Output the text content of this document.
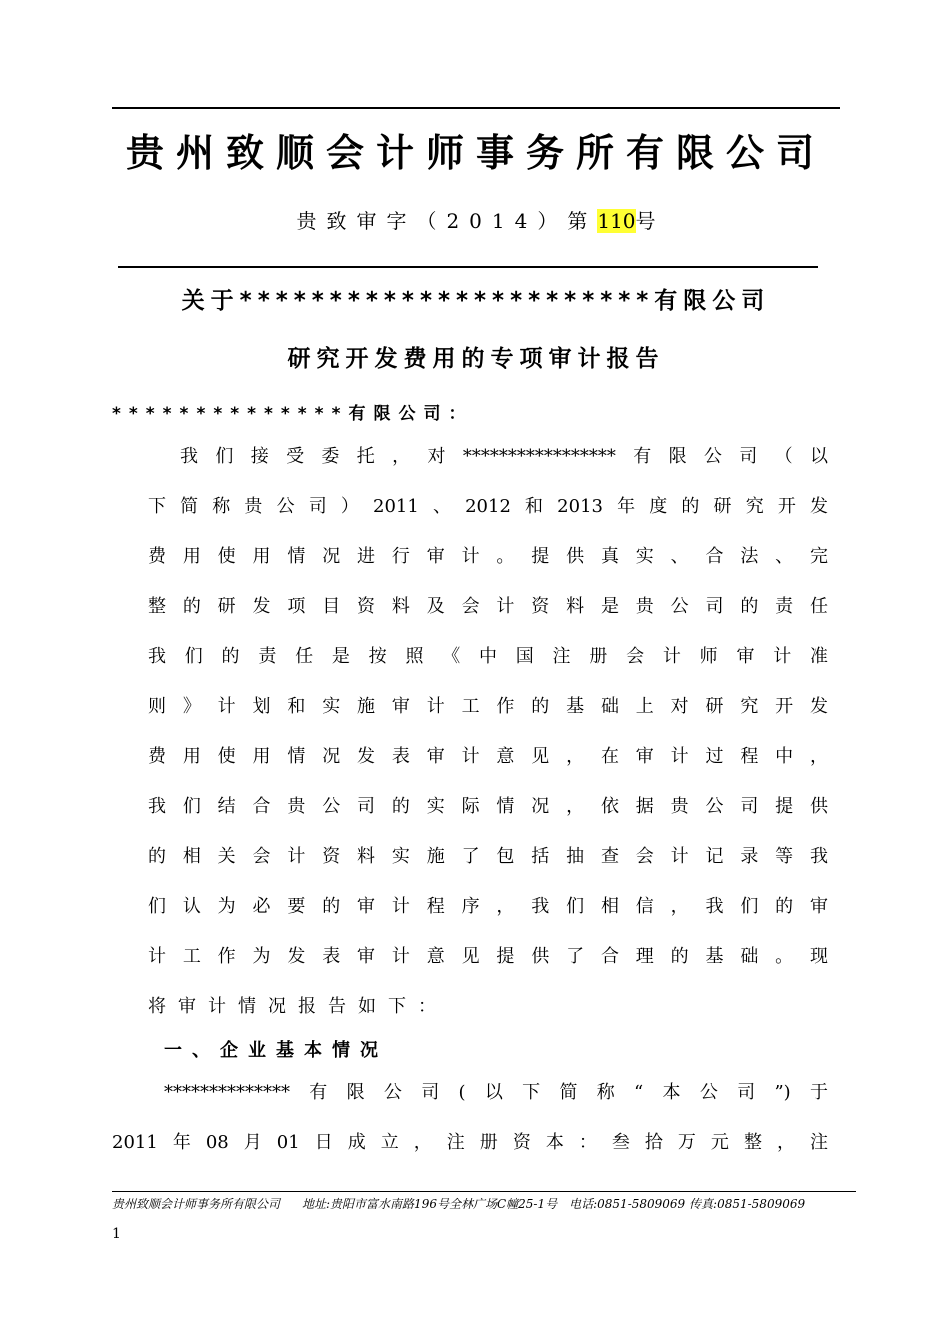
贵州致顺会计师事务所有限公司
贵致审字（2014）第110号
关于***********************有限公司
研究开发费用的专项审计报告
**************有限公司：
我们接受委托，对*****************有限公司（以
下简称贵公司）2011、2012和2013年度的研究开发
费用使用情况进行审计。提供真实、合法、完
整的研发项目资料及会计资料是贵公司的责任
我们的责任是按照《中国注册会计师审计准
则》计划和实施审计工作的基础上对研究开发
费用使用情况发表审计意见，在审计过程中，
我们结合贵公司的实际情况，依据贵公司提供
的相关会计资料实施了包括抽查会计记录等我
们认为必要的审计程序，我们相信，我们的审
计工作为发表审计意见提供了合理的基础。现
将审计情况报告如下：
一、企业基本情况
**************有限公司(以下简称“本公司”)于
2011年08月01日成立，注册资本：叁拾万元整，注
贵州致顺会计师事务所有限公司 地址:贵阳市富水南路196号全林广场C幢25-1号 电话:0851-5809069 传真:0851-5809069
1
